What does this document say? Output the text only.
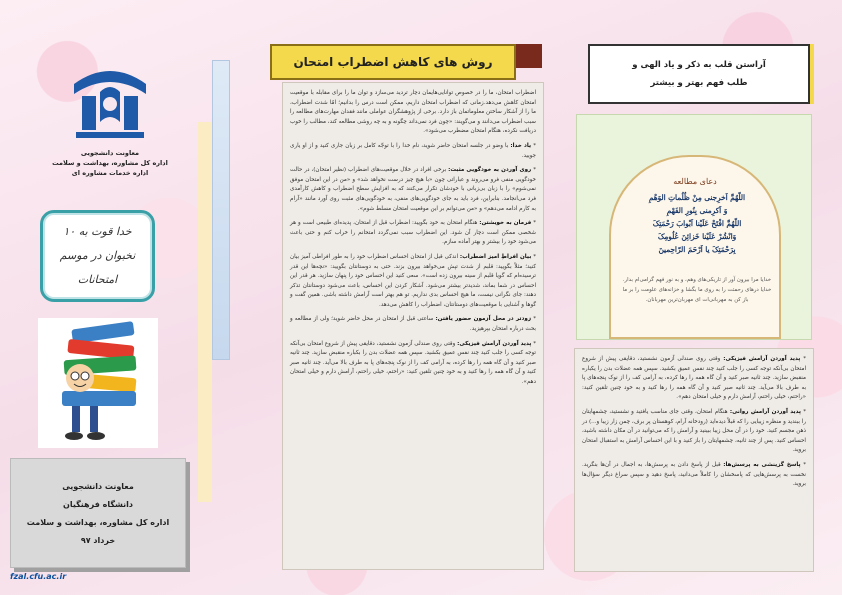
معاونت دانشجویی
اداره کل مشاوره، بهداشت و سلامت
اداره خدمات مشاوره ای
خدا قوت به ۱۰ نخبوان در موسم امتحانات
معاونت دانشجویی
دانشگاه فرهنگیان
اداره کل مشاوره، بهداشت و سلامت
خرداد ۹۷
fzal.cfu.ac.ir
روش های کاهش اضطراب امتحان

اضطراب امتحان، ما را در خصوص توانایی‌هایمان دچار تردید می‌سازد و توان ما را برای مقابله با موقعیت امتحان کاهش می‌دهد.زمانی که اضطراب امتحان داریم، ممکن است درس را بدانیم؛ امّا شدت اضطراب، ما را از آشکار ساختن معلوماتمان باز دارد. برخی از پژوهشگران عواملی مانند فقدان مهارت‌های مطالعه را سبب اضطراب می‌دانند و می‌گویند: «چون فرد نمی‌داند چگونه و به چه روشی مطالعه کند، مطالب را خوب دریافت نکرده، هنگام امتحان مضطرب می‌شود».

* یاد خدا: با وضو در جلسه امتحان حاضر شوید، نام خدا را با توجّه کامل بر زبان جاری کنید و از او یاری جویید.

* روی آوردن به خودگویی مثبت: برخی افراد در خلال موقعیت‌های اضطراب (نظیر امتحان)، در حالت خودگویی منفی فرو می‌روند و عباراتی چون «با هیچ چیز درست نخواهد شد» و «من در این امتحان موفق نمی‌شوم» را با زبان بی‌زبانی با خودشان تکرار می‌کنند که به افزایش سطح اضطراب و کاهش کارآمدی فرد می‌انجامد. بنابراین، فرد باید به جای خودگویی‌های منفی، به خودگویی‌های مثبت روی آورد مانند «آرام به کارم ادامه می‌دهم» و «من می‌توانم بر این موقعیت امتحان مسلط شوم».

* فرمان به خویشتن: هنگام امتحان به خود بگویید: اضطراب قبل از امتحان، پدیده‌ای طبیعی است و هر شخصی ممکن است دچار آن شود. این اضطراب سبب نمی‌گردد امتحانم را خراب کنم و حتی باعث می‌شود خود را بیشتر و بهتر آماده سازم.

* بیان افراطِ امیز اضطراب: اندکی قبل از امتحان احساس اضطراب خود را به طور افراطی آمیز بیان کنید؛ مثلاً بگویید: قلبم از شدت تپش می‌خواهد بیرون بزند. حتی به دوستانتان بگویید: «نچه‌ها این قدر ترسیده‌ام که گویا قلبم از سینه بیرون زده است». سعی کنید این احساس خود را پنهان سازید. هر قدر این احساس در شما بماند، شدیدتر بیشتر می‌شود. آشکار کردن این احساس، باعث می‌شود دوستانتان تذکر دهند: جای نگرانی نیست، ما هیچ احساس بدی نداریم. تو هم بهتر است آرامش داشته باشی. همین گفت و گوها و آشنایی با موقعیت‌های دوستانتان، اضطراب را کاهش می‌دهد.

* زودتر در محل آزمون حضور یافتن: ساعتی قبل از امتحان در محل حاضر شوید؛ ولی از مطالعه و بحث درباره امتحان بپرهیزید.

* پدید آوردن آرامش فیزیکی: وقتی روی صندلی آزمون نشستید، دقایقی پیش از شروع امتحان بی‌آنکه توجه کسی را جلب کنید چند نفس عمیق بکشید. سپس همه عضلات بدن را بکباره منقبض سازید. چند ثانیه صبر کنید و آن گاه همه را رها کرده، به آرامی کف را از نوک پنجه‌های پا به طرف بالا می‌آید. چند ثانیه صبر کنید و آن گاه همه را رها کنید و به خود چنین تلقین کنید: «راحتم، خیلی راحتم، آرامش دارم و خیلی امتحان دهم».

آراستن قلب به ذکر و یاد الهی و
طلب فهم بهتر و بیشتر
دعای مطالعه
اللّهُمَّ اَخرِجنی مِنْ ظُلُماتِ الوَهْمِ
وَ اَکرِمنی بِنُورِ الفَهْمِ
اللّهُمَّ افْتَحْ عَلَیْنا اَبْوابَ رَحْمَتِکَ
وَانْشُرْ عَلَیْنا خَزائِنَ عُلُومِکَ
بِرَحْمَتِکَ یا اَرْحَمَ الرّاحِمینَ
خدایا مرا بیرون آور از تاریکی‌های وهم، و به نور فهم گرامی‌ام بدار. خدایا درهای رحمتت را به روی ما بگشا و خزانه‌های علومت را بر ما باز کن به مهربانی‌ات ای مهربان‌ترین مهربانان.

* پدید آوردن آرامش فیزیکی: وقتی روی صندلی آزمون نشستید، دقایقی پیش از شروع امتحان بی‌آنکه توجه کسی را جلب کنید چند نفس عمیق بکشید. سپس همه عضلات بدن را یکباره منقبض سازید. چند ثانیه صبر کنید و آن گاه همه را رها کرده، به آرامی کف را از نوک پنجه‌های پا به طرف بالا می‌آید. چند ثانیه صبر کنید و آن گاه همه را رها کنید و به خود چنین تلقین کنید: «راحتم، خیلی راحتم، آرامش دارم و خیلی امتحان دهم».

* پدید آوردن آرامش روانی: هنگام امتحان، وقتی جای مناسب یافتید و نشستید، چشمهایتان را ببندید و منظره زیبایی را که قبلاً دیده‌اید (رودخانه آرام، کوهستان پر برف، چمن زار زیبا و...) در ذهن مجسم کنید. خود را در آن محل زیبا ببینید و آرامش را که می‌توانید در آن مکان داشته باشید، احساس کنید. پس از چند ثانیه، چشمهایتان را باز کنید و با این احساس آرامش به استقبال امتحان بروید.

* پاسخ گزینشی به پرسش‌ها: قبل از پاسخ دادن به پرسش‌ها، به اجمال در آن‌ها بنگرید. نخست به پرسش‌هایی که پاسخشان را کاملاً می‌دانید، پاسخ دهید و سپس سراغ دیگر سؤال‌ها بروید.
